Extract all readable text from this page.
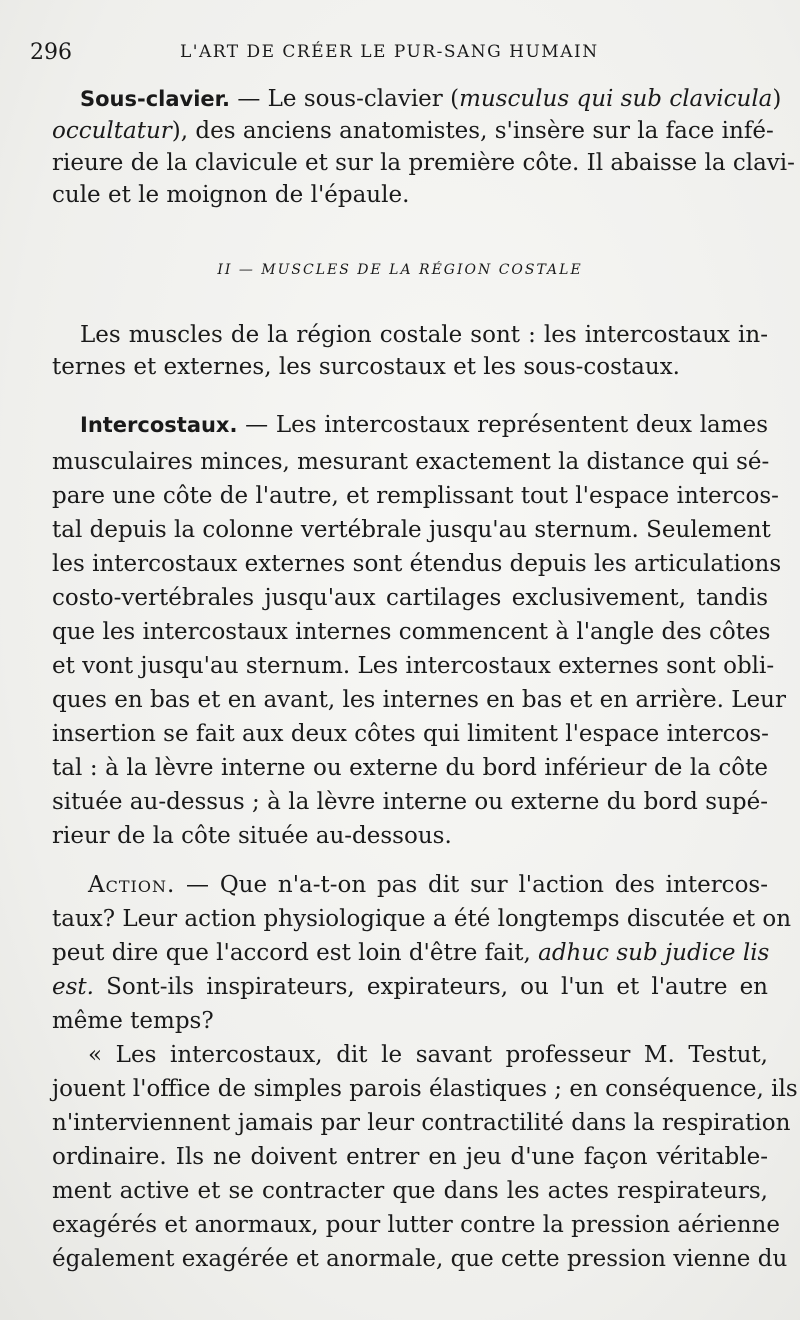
296	L'ART DE CRÉER LE PUR-SANG HUMAIN
Sous-clavier. — Le sous-clavier (musculus qui sub clavicula)
occultatur), des anciens anatomistes, s'insère sur la face infé-
rieure de la clavicule et sur la première côte. Il abaisse la clavi-
cule et le moignon de l'épaule.
II — MUSCLES DE LA RÉGION COSTALE
Les muscles de la région costale sont : les intercostaux in-
ternes et externes, les surcostaux et les sous-costaux.
Intercostaux. — Les intercostaux représentent deux lames
musculaires minces, mesurant exactement la distance qui sé-
pare une côte de l'autre, et remplissant tout l'espace intercos-
tal depuis la colonne vertébrale jusqu'au sternum. Seulement
les intercostaux externes sont étendus depuis les articulations
costo-vertébrales jusqu'aux cartilages exclusivement, tandis
que les intercostaux internes commencent à l'angle des côtes
et vont jusqu'au sternum. Les intercostaux externes sont obli-
ques en bas et en avant, les internes en bas et en arrière. Leur
insertion se fait aux deux côtes qui limitent l'espace intercos-
tal : à la lèvre interne ou externe du bord inférieur de la côte
située au-dessus ; à la lèvre interne ou externe du bord supé-
rieur de la côte située au-dessous.
Action. — Que n'a-t-on pas dit sur l'action des intercos-
taux? Leur action physiologique a été longtemps discutée et on
peut dire que l'accord est loin d'être fait, adhuc sub judice lis
est. Sont-ils inspirateurs, expirateurs, ou l'un et l'autre en
même temps?
« Les intercostaux, dit le savant professeur M. Testut,
jouent l'office de simples parois élastiques ; en conséquence, ils
n'interviennent jamais par leur contractilité dans la respiration
ordinaire. Ils ne doivent entrer en jeu d'une façon véritable-
ment active et se contracter que dans les actes respirateurs,
exagérés et anormaux, pour lutter contre la pression aérienne
également exagérée et anormale, que cette pression vienne du
